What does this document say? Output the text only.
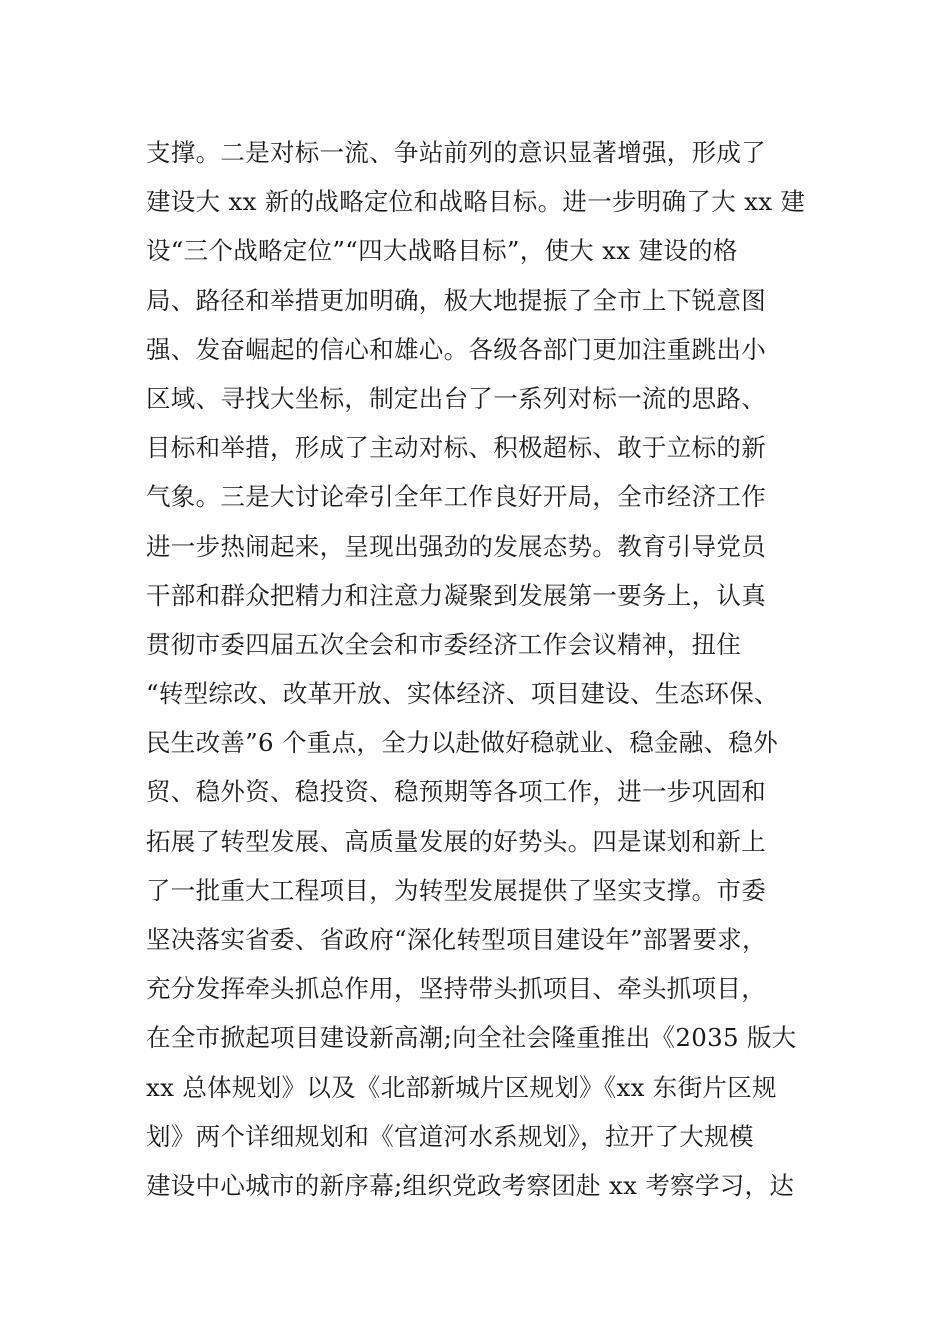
支撑。二是对标一流、争站前列的意识显著增强，形成了
建设大 xx 新的战略定位和战略目标。进一步明确了大 xx 建
设“三个战略定位”“四大战略目标”，使大 xx 建设的格
局、路径和举措更加明确，极大地提振了全市上下锐意图
强、发奋崛起的信心和雄心。各级各部门更加注重跳出小
区域、寻找大坐标，制定出台了一系列对标一流的思路、
目标和举措，形成了主动对标、积极超标、敢于立标的新
气象。三是大讨论牵引全年工作良好开局，全市经济工作
进一步热闹起来，呈现出强劲的发展态势。教育引导党员
干部和群众把精力和注意力凝聚到发展第一要务上，认真
贯彻市委四届五次全会和市委经济工作会议精神，扭住
“转型综改、改革开放、实体经济、项目建设、生态环保、
民生改善”6 个重点，全力以赴做好稳就业、稳金融、稳外
贸、稳外资、稳投资、稳预期等各项工作，进一步巩固和
拓展了转型发展、高质量发展的好势头。四是谋划和新上
了一批重大工程项目，为转型发展提供了坚实支撑。市委
坚决落实省委、省政府“深化转型项目建设年”部署要求，
充分发挥牵头抓总作用，坚持带头抓项目、牵头抓项目，
在全市掀起项目建设新高潮;向全社会隆重推出《2035 版大
xx 总体规划》以及《北部新城片区规划》《xx 东街片区规
划》两个详细规划和《官道河水系规划》，拉开了大规模
建设中心城市的新序幕;组织党政考察团赴 xx 考察学习，达
